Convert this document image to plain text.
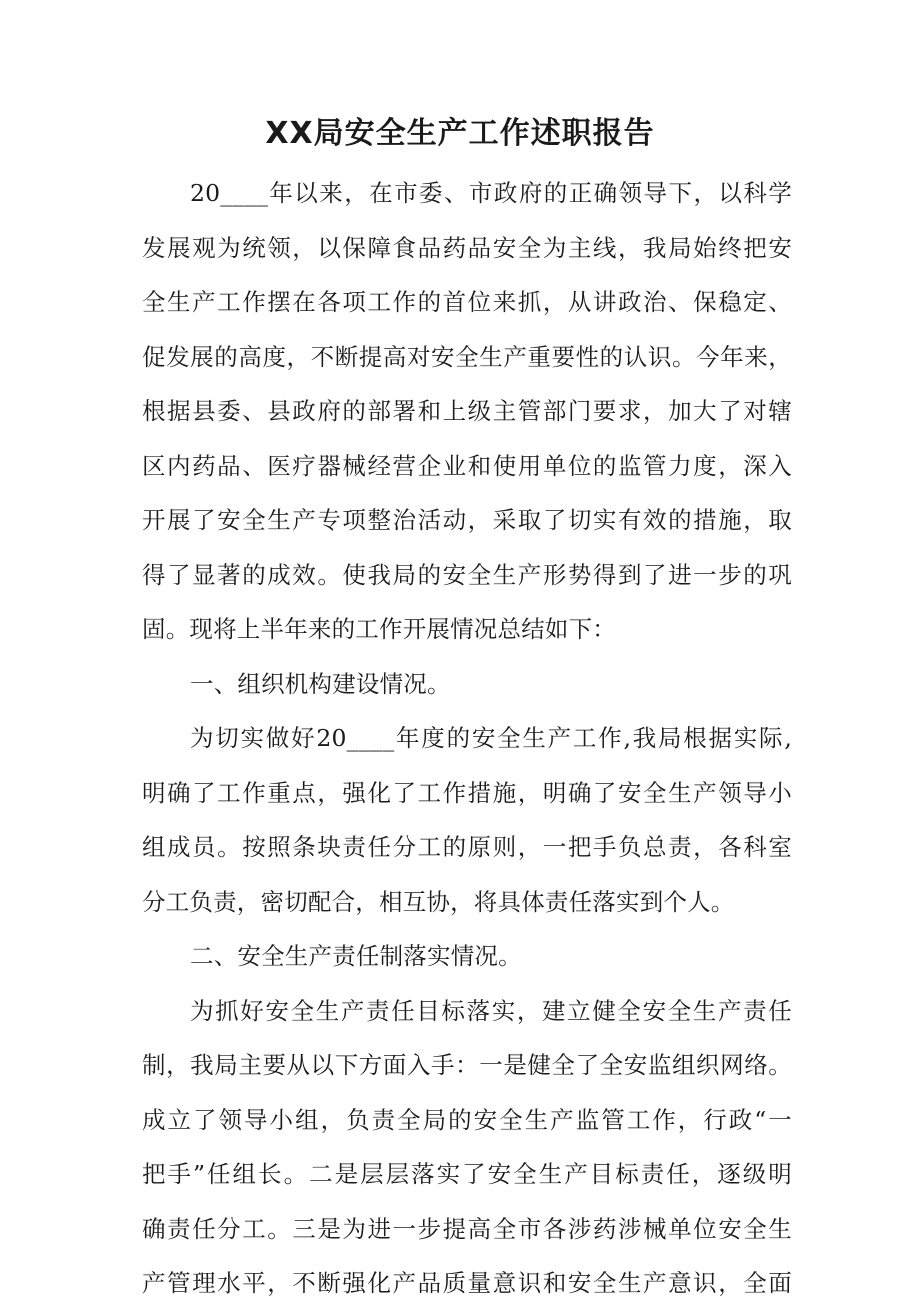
XX局安全生产工作述职报告
20____年以来，在市委、市政府的正确领导下，以科学
发展观为统领，以保障食品药品安全为主线，我局始终把安
全生产工作摆在各项工作的首位来抓，从讲政治、保稳定、
促发展的高度，不断提高对安全生产重要性的认识。今年来，
根据县委、县政府的部署和上级主管部门要求，加大了对辖
区内药品、医疗器械经营企业和使用单位的监管力度，深入
开展了安全生产专项整治活动，采取了切实有效的措施，取
得了显著的成效。使我局的安全生产形势得到了进一步的巩
固。现将上半年来的工作开展情况总结如下：
一、组织机构建设情况。
为切实做好20____年度的安全生产工作,我局根据实际,
明确了工作重点，强化了工作措施，明确了安全生产领导小
组成员。按照条块责任分工的原则，一把手负总责，各科室
分工负责，密切配合，相互协，将具体责任落实到个人。
二、安全生产责任制落实情况。
为抓好安全生产责任目标落实，建立健全安全生产责任
制，我局主要从以下方面入手：一是健全了全安监组织网络。
成立了领导小组，负责全局的安全生产监管工作，行政“一
把手”任组长。二是层层落实了安全生产目标责任，逐级明
确责任分工。三是为进一步提高全市各涉药涉械单位安全生
产管理水平，不断强化产品质量意识和安全生产意识，全面
